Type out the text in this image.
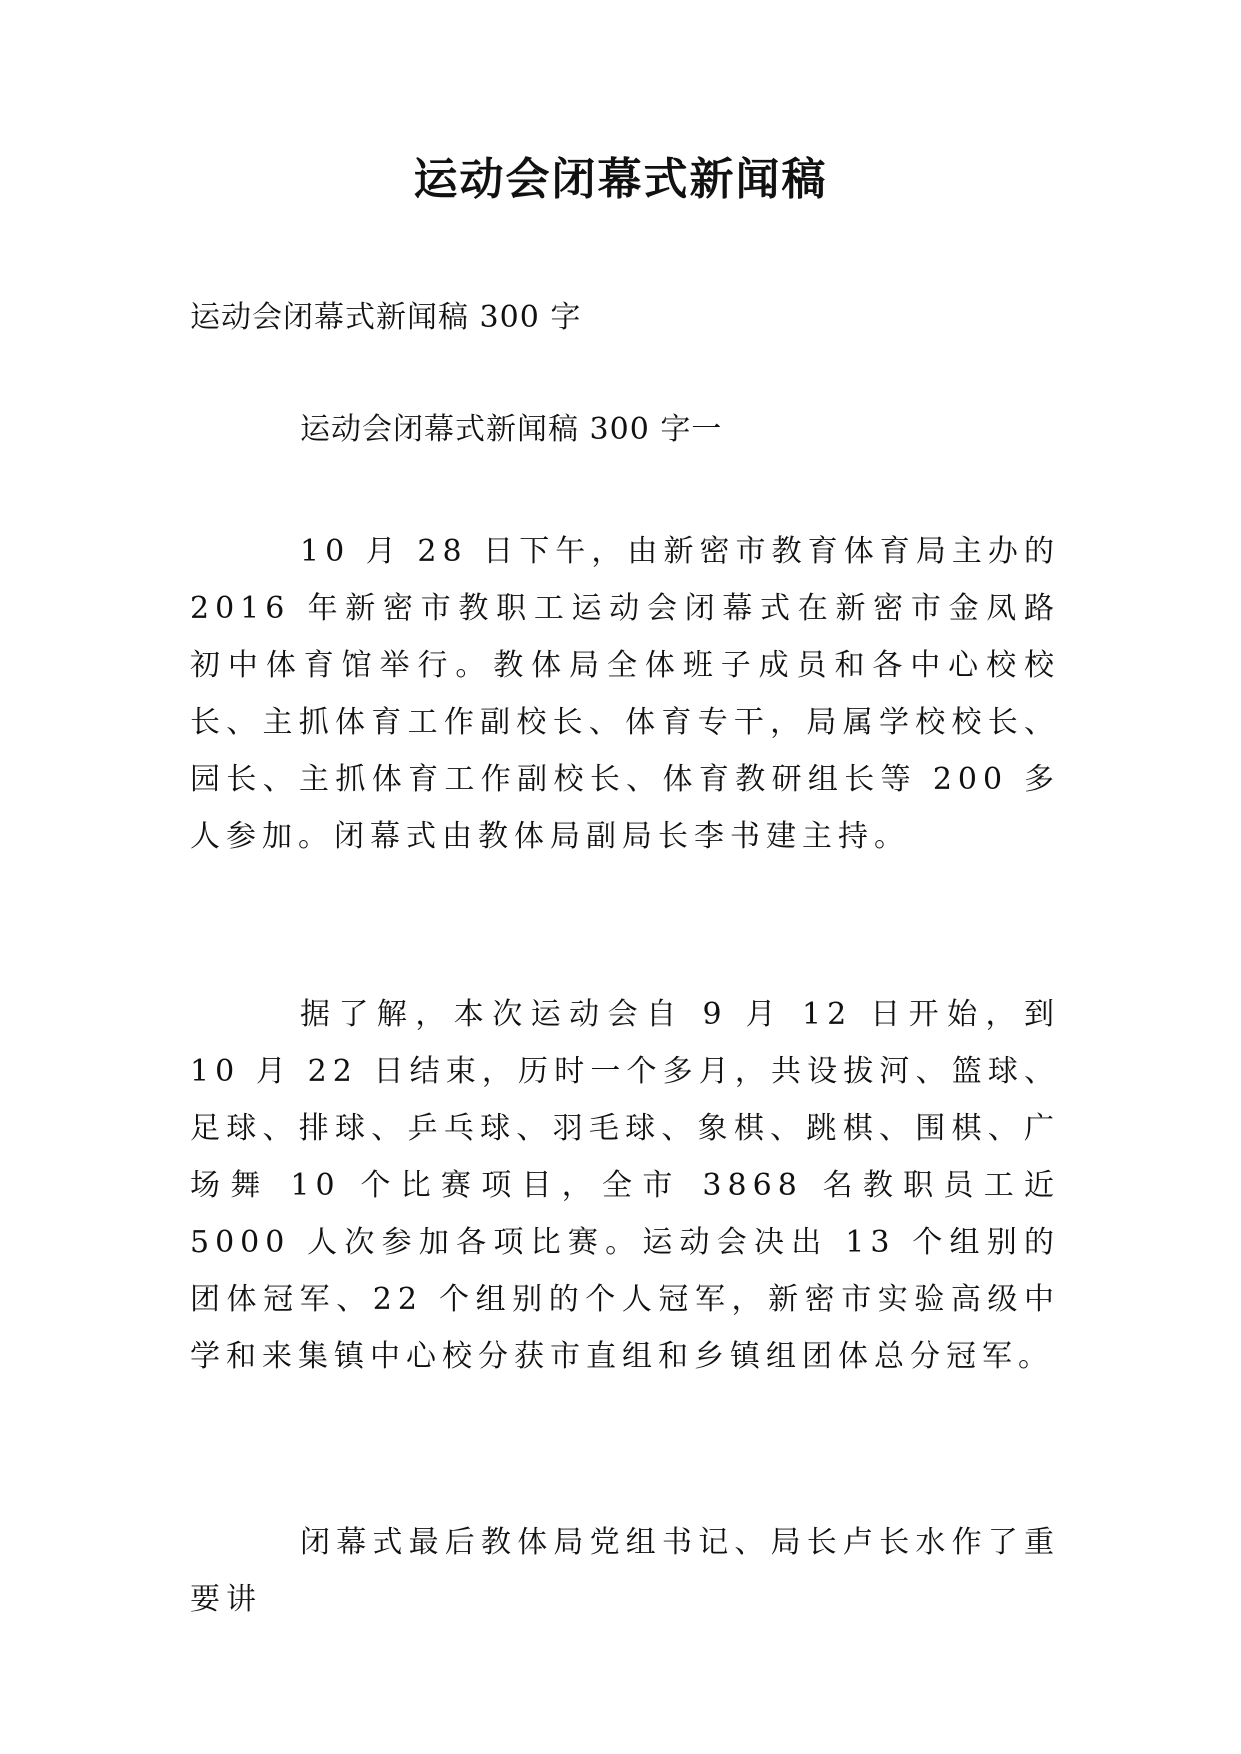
运动会闭幕式新闻稿
运动会闭幕式新闻稿 300 字
运动会闭幕式新闻稿 300 字一
10 月 28 日下午，由新密市教育体育局主办的 2016 年新密市教职工运动会闭幕式在新密市金凤路初中体育馆举行。教体局全体班子成员和各中心校校长、主抓体育工作副校长、体育专干，局属学校校长、园长、主抓体育工作副校长、体育教研组长等 200 多人参加。闭幕式由教体局副局长李书建主持。
据了解，本次运动会自 9 月 12 日开始，到 10 月 22 日结束，历时一个多月，共设拔河、篮球、足球、排球、乒乓球、羽毛球、象棋、跳棋、围棋、广场舞 10 个比赛项目，全市 3868 名教职员工近 5000 人次参加各项比赛。运动会决出 13 个组别的团体冠军、22 个组别的个人冠军，新密市实验高级中学和来集镇中心校分获市直组和乡镇组团体总分冠军。
闭幕式最后教体局党组书记、局长卢长水作了重要讲
